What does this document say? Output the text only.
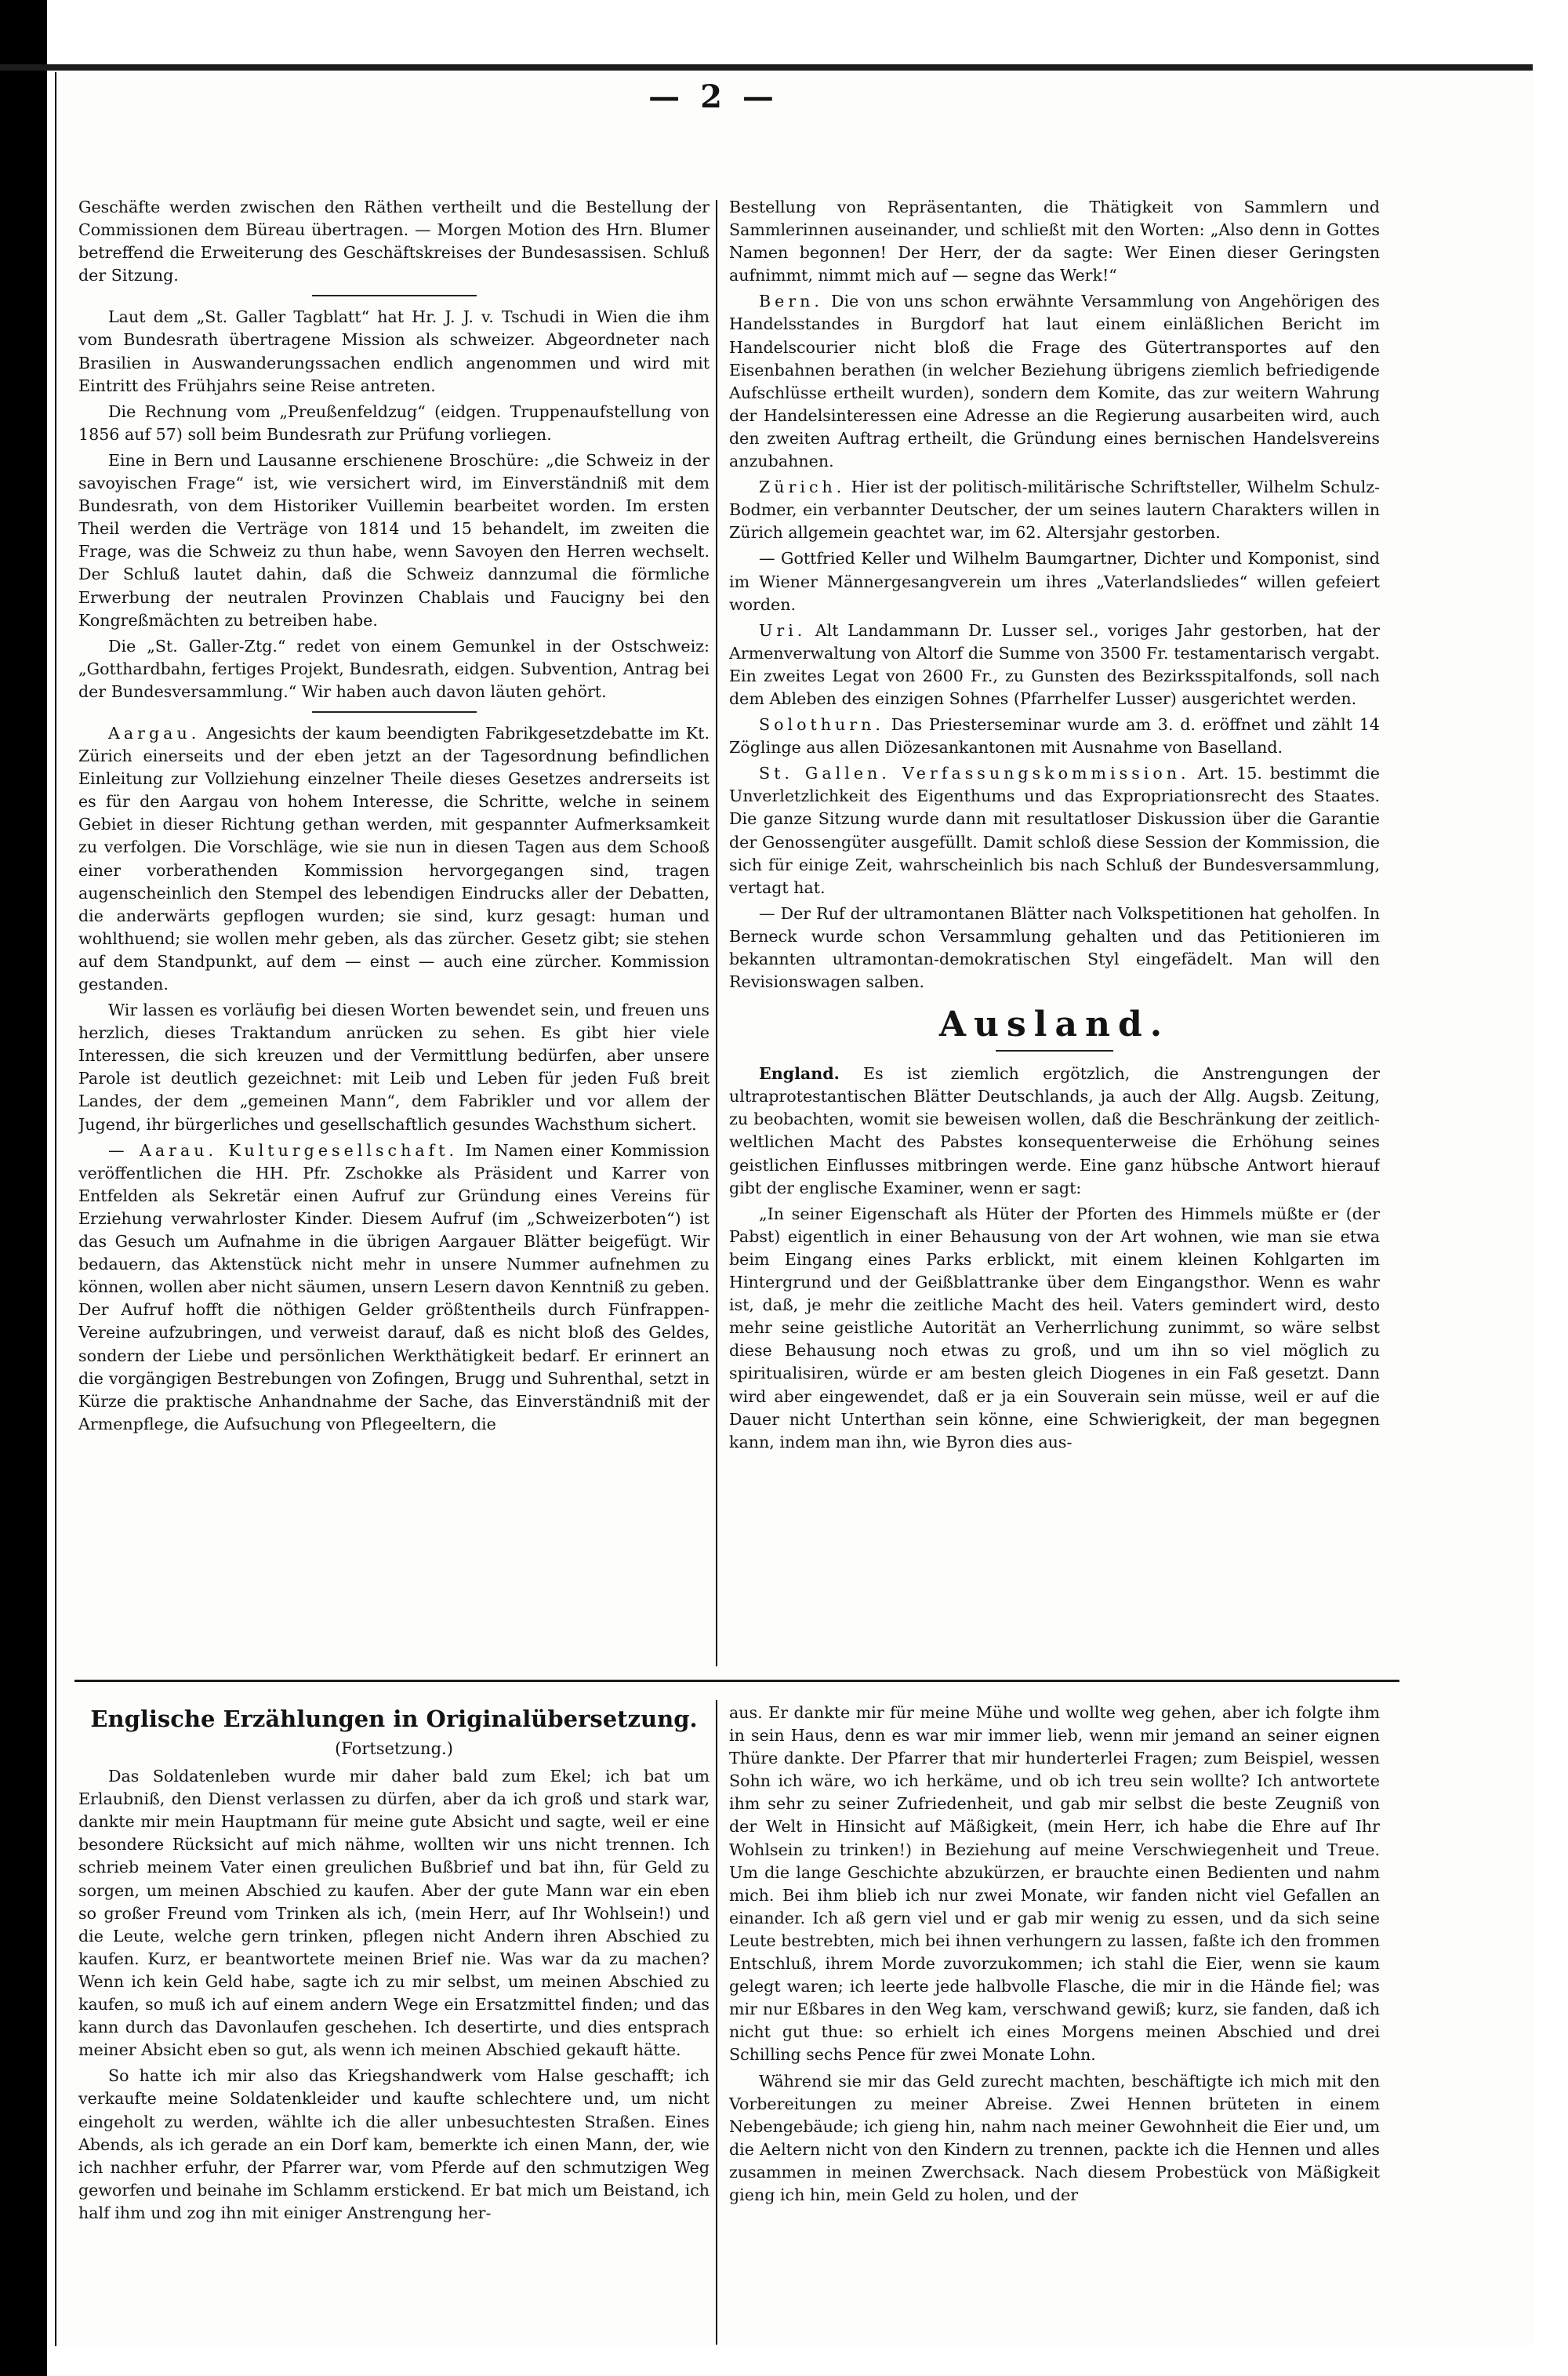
— 2 —

Geschäfte werden zwischen den Räthen vertheilt und die Bestellung der Commissionen dem Büreau übertragen. — Morgen Motion des Hrn. Blumer betreffend die Erweiterung des Geschäftskreises der Bundesassisen. Schluß der Sitzung.

Laut dem „St. Galler Tagblatt“ hat Hr. J. J. v. Tschudi in Wien die ihm vom Bundesrath übertragene Mission als schweizer. Abgeordneter nach Brasilien in Auswanderungssachen endlich angenommen und wird mit Eintritt des Frühjahrs seine Reise antreten.

Die Rechnung vom „Preußenfeldzug“ (eidgen. Truppenaufstellung von 1856 auf 57) soll beim Bundesrath zur Prüfung vorliegen.

Eine in Bern und Lausanne erschienene Broschüre: „die Schweiz in der savoyischen Frage“ ist, wie versichert wird, im Einverständniß mit dem Bundesrath, von dem Historiker Vuillemin bearbeitet worden. Im ersten Theil werden die Verträge von 1814 und 15 behandelt, im zweiten die Frage, was die Schweiz zu thun habe, wenn Savoyen den Herren wechselt. Der Schluß lautet dahin, daß die Schweiz dannzumal die förmliche Erwerbung der neutralen Provinzen Chablais und Faucigny bei den Kongreßmächten zu betreiben habe.

Die „St. Galler-Ztg.“ redet von einem Gemunkel in der Ostschweiz: „Gotthardbahn, fertiges Projekt, Bundesrath, eidgen. Subvention, Antrag bei der Bundesversammlung.“ Wir haben auch davon läuten gehört.

Aargau. Angesichts der kaum beendigten Fabrikgesetzdebatte im Kt. Zürich einerseits und der eben jetzt an der Tagesordnung befindlichen Einleitung zur Vollziehung einzelner Theile dieses Gesetzes andrerseits ist es für den Aargau von hohem Interesse, die Schritte, welche in seinem Gebiet in dieser Richtung gethan werden, mit gespannter Aufmerksamkeit zu verfolgen. Die Vorschläge, wie sie nun in diesen Tagen aus dem Schooß einer vorberathenden Kommission hervorgegangen sind, tragen augenscheinlich den Stempel des lebendigen Eindrucks aller der Debatten, die anderwärts gepflogen wurden; sie sind, kurz gesagt: human und wohlthuend; sie wollen mehr geben, als das zürcher. Gesetz gibt; sie stehen auf dem Standpunkt, auf dem — einst — auch eine zürcher. Kommission gestanden.

Wir lassen es vorläufig bei diesen Worten bewendet sein, und freuen uns herzlich, dieses Traktandum anrücken zu sehen. Es gibt hier viele Interessen, die sich kreuzen und der Vermittlung bedürfen, aber unsere Parole ist deutlich gezeichnet: mit Leib und Leben für jeden Fuß breit Landes, der dem „gemeinen Mann“, dem Fabrikler und vor allem der Jugend, ihr bürgerliches und gesellschaftlich gesundes Wachsthum sichert.

— Aarau. Kulturgesellschaft. Im Namen einer Kommission veröffentlichen die HH. Pfr. Zschokke als Präsident und Karrer von Entfelden als Sekretär einen Aufruf zur Gründung eines Vereins für Erziehung verwahrloster Kinder. Diesem Aufruf (im „Schweizerboten“) ist das Gesuch um Aufnahme in die übrigen Aargauer Blätter beigefügt. Wir bedauern, das Aktenstück nicht mehr in unsere Nummer aufnehmen zu können, wollen aber nicht säumen, unsern Lesern davon Kenntniß zu geben. Der Aufruf hofft die nöthigen Gelder größtentheils durch Fünfrappen-Vereine aufzubringen, und verweist darauf, daß es nicht bloß des Geldes, sondern der Liebe und persönlichen Werkthätigkeit bedarf. Er erinnert an die vorgängigen Bestrebungen von Zofingen, Brugg und Suhrenthal, setzt in Kürze die praktische Anhandnahme der Sache, das Einverständniß mit der Armenpflege, die Aufsuchung von Pflegeeltern, die

Bestellung von Repräsentanten, die Thätigkeit von Sammlern und Sammlerinnen auseinander, und schließt mit den Worten: „Also denn in Gottes Namen begonnen! Der Herr, der da sagte: Wer Einen dieser Geringsten aufnimmt, nimmt mich auf — segne das Werk!“

Bern. Die von uns schon erwähnte Versammlung von Angehörigen des Handelsstandes in Burgdorf hat laut einem einläßlichen Bericht im Handelscourier nicht bloß die Frage des Gütertransportes auf den Eisenbahnen berathen (in welcher Beziehung übrigens ziemlich befriedigende Aufschlüsse ertheilt wurden), sondern dem Komite, das zur weitern Wahrung der Handelsinteressen eine Adresse an die Regierung ausarbeiten wird, auch den zweiten Auftrag ertheilt, die Gründung eines bernischen Handelsvereins anzubahnen.

Zürich. Hier ist der politisch-militärische Schriftsteller, Wilhelm Schulz-Bodmer, ein verbannter Deutscher, der um seines lautern Charakters willen in Zürich allgemein geachtet war, im 62. Altersjahr gestorben.

— Gottfried Keller und Wilhelm Baumgartner, Dichter und Komponist, sind im Wiener Männergesangverein um ihres „Vaterlandsliedes“ willen gefeiert worden.

Uri. Alt Landammann Dr. Lusser sel., voriges Jahr gestorben, hat der Armenverwaltung von Altorf die Summe von 3500 Fr. testamentarisch vergabt. Ein zweites Legat von 2600 Fr., zu Gunsten des Bezirksspitalfonds, soll nach dem Ableben des einzigen Sohnes (Pfarrhelfer Lusser) ausgerichtet werden.

Solothurn. Das Priesterseminar wurde am 3. d. eröffnet und zählt 14 Zöglinge aus allen Diözesankantonen mit Ausnahme von Baselland.

St. Gallen. Verfassungskommission. Art. 15. bestimmt die Unverletzlichkeit des Eigenthums und das Expropriationsrecht des Staates. Die ganze Sitzung wurde dann mit resultatloser Diskussion über die Garantie der Genossengüter ausgefüllt. Damit schloß diese Session der Kommission, die sich für einige Zeit, wahrscheinlich bis nach Schluß der Bundesversammlung, vertagt hat.

— Der Ruf der ultramontanen Blätter nach Volkspetitionen hat geholfen. In Berneck wurde schon Versammlung gehalten und das Petitionieren im bekannten ultramontan-demokratischen Styl eingefädelt. Man will den Revisionswagen salben.

Ausland.

England. Es ist ziemlich ergötzlich, die Anstrengungen der ultraprotestantischen Blätter Deutschlands, ja auch der Allg. Augsb. Zeitung, zu beobachten, womit sie beweisen wollen, daß die Beschränkung der zeitlich-weltlichen Macht des Pabstes konsequenterweise die Erhöhung seines geistlichen Einflusses mitbringen werde. Eine ganz hübsche Antwort hierauf gibt der englische Examiner, wenn er sagt:

„In seiner Eigenschaft als Hüter der Pforten des Himmels müßte er (der Pabst) eigentlich in einer Behausung von der Art wohnen, wie man sie etwa beim Eingang eines Parks erblickt, mit einem kleinen Kohlgarten im Hintergrund und der Geißblattranke über dem Eingangsthor. Wenn es wahr ist, daß, je mehr die zeitliche Macht des heil. Vaters gemindert wird, desto mehr seine geistliche Autorität an Verherrlichung zunimmt, so wäre selbst diese Behausung noch etwas zu groß, und um ihn so viel möglich zu spiritualisiren, würde er am besten gleich Diogenes in ein Faß gesetzt. Dann wird aber eingewendet, daß er ja ein Souverain sein müsse, weil er auf die Dauer nicht Unterthan sein könne, eine Schwierigkeit, der man begegnen kann, indem man ihn, wie Byron dies aus-

Englische Erzählungen in Originalübersetzung.
(Fortsetzung.)

Das Soldatenleben wurde mir daher bald zum Ekel; ich bat um Erlaubniß, den Dienst verlassen zu dürfen, aber da ich groß und stark war, dankte mir mein Hauptmann für meine gute Absicht und sagte, weil er eine besondere Rücksicht auf mich nähme, wollten wir uns nicht trennen. Ich schrieb meinem Vater einen greulichen Bußbrief und bat ihn, für Geld zu sorgen, um meinen Abschied zu kaufen. Aber der gute Mann war ein eben so großer Freund vom Trinken als ich, (mein Herr, auf Ihr Wohlsein!) und die Leute, welche gern trinken, pflegen nicht Andern ihren Abschied zu kaufen. Kurz, er beantwortete meinen Brief nie. Was war da zu machen? Wenn ich kein Geld habe, sagte ich zu mir selbst, um meinen Abschied zu kaufen, so muß ich auf einem andern Wege ein Ersatzmittel finden; und das kann durch das Davonlaufen geschehen. Ich desertirte, und dies entsprach meiner Absicht eben so gut, als wenn ich meinen Abschied gekauft hätte.

So hatte ich mir also das Kriegshandwerk vom Halse geschafft; ich verkaufte meine Soldatenkleider und kaufte schlechtere und, um nicht eingeholt zu werden, wählte ich die aller unbesuchtesten Straßen. Eines Abends, als ich gerade an ein Dorf kam, bemerkte ich einen Mann, der, wie ich nachher erfuhr, der Pfarrer war, vom Pferde auf den schmutzigen Weg geworfen und beinahe im Schlamm erstickend. Er bat mich um Beistand, ich half ihm und zog ihn mit einiger Anstrengung her-

aus. Er dankte mir für meine Mühe und wollte weg gehen, aber ich folgte ihm in sein Haus, denn es war mir immer lieb, wenn mir jemand an seiner eignen Thüre dankte. Der Pfarrer that mir hunderterlei Fragen; zum Beispiel, wessen Sohn ich wäre, wo ich herkäme, und ob ich treu sein wollte? Ich antwortete ihm sehr zu seiner Zufriedenheit, und gab mir selbst die beste Zeugniß von der Welt in Hinsicht auf Mäßigkeit, (mein Herr, ich habe die Ehre auf Ihr Wohlsein zu trinken!) in Beziehung auf meine Verschwiegenheit und Treue. Um die lange Geschichte abzukürzen, er brauchte einen Bedienten und nahm mich. Bei ihm blieb ich nur zwei Monate, wir fanden nicht viel Gefallen an einander. Ich aß gern viel und er gab mir wenig zu essen, und da sich seine Leute bestrebten, mich bei ihnen verhungern zu lassen, faßte ich den frommen Entschluß, ihrem Morde zuvorzukommen; ich stahl die Eier, wenn sie kaum gelegt waren; ich leerte jede halbvolle Flasche, die mir in die Hände fiel; was mir nur Eßbares in den Weg kam, verschwand gewiß; kurz, sie fanden, daß ich nicht gut thue: so erhielt ich eines Morgens meinen Abschied und drei Schilling sechs Pence für zwei Monate Lohn.

Während sie mir das Geld zurecht machten, beschäftigte ich mich mit den Vorbereitungen zu meiner Abreise. Zwei Hennen brüteten in einem Nebengebäude; ich gieng hin, nahm nach meiner Gewohnheit die Eier und, um die Aeltern nicht von den Kindern zu trennen, packte ich die Hennen und alles zusammen in meinen Zwerchsack. Nach diesem Probestück von Mäßigkeit gieng ich hin, mein Geld zu holen, und der
